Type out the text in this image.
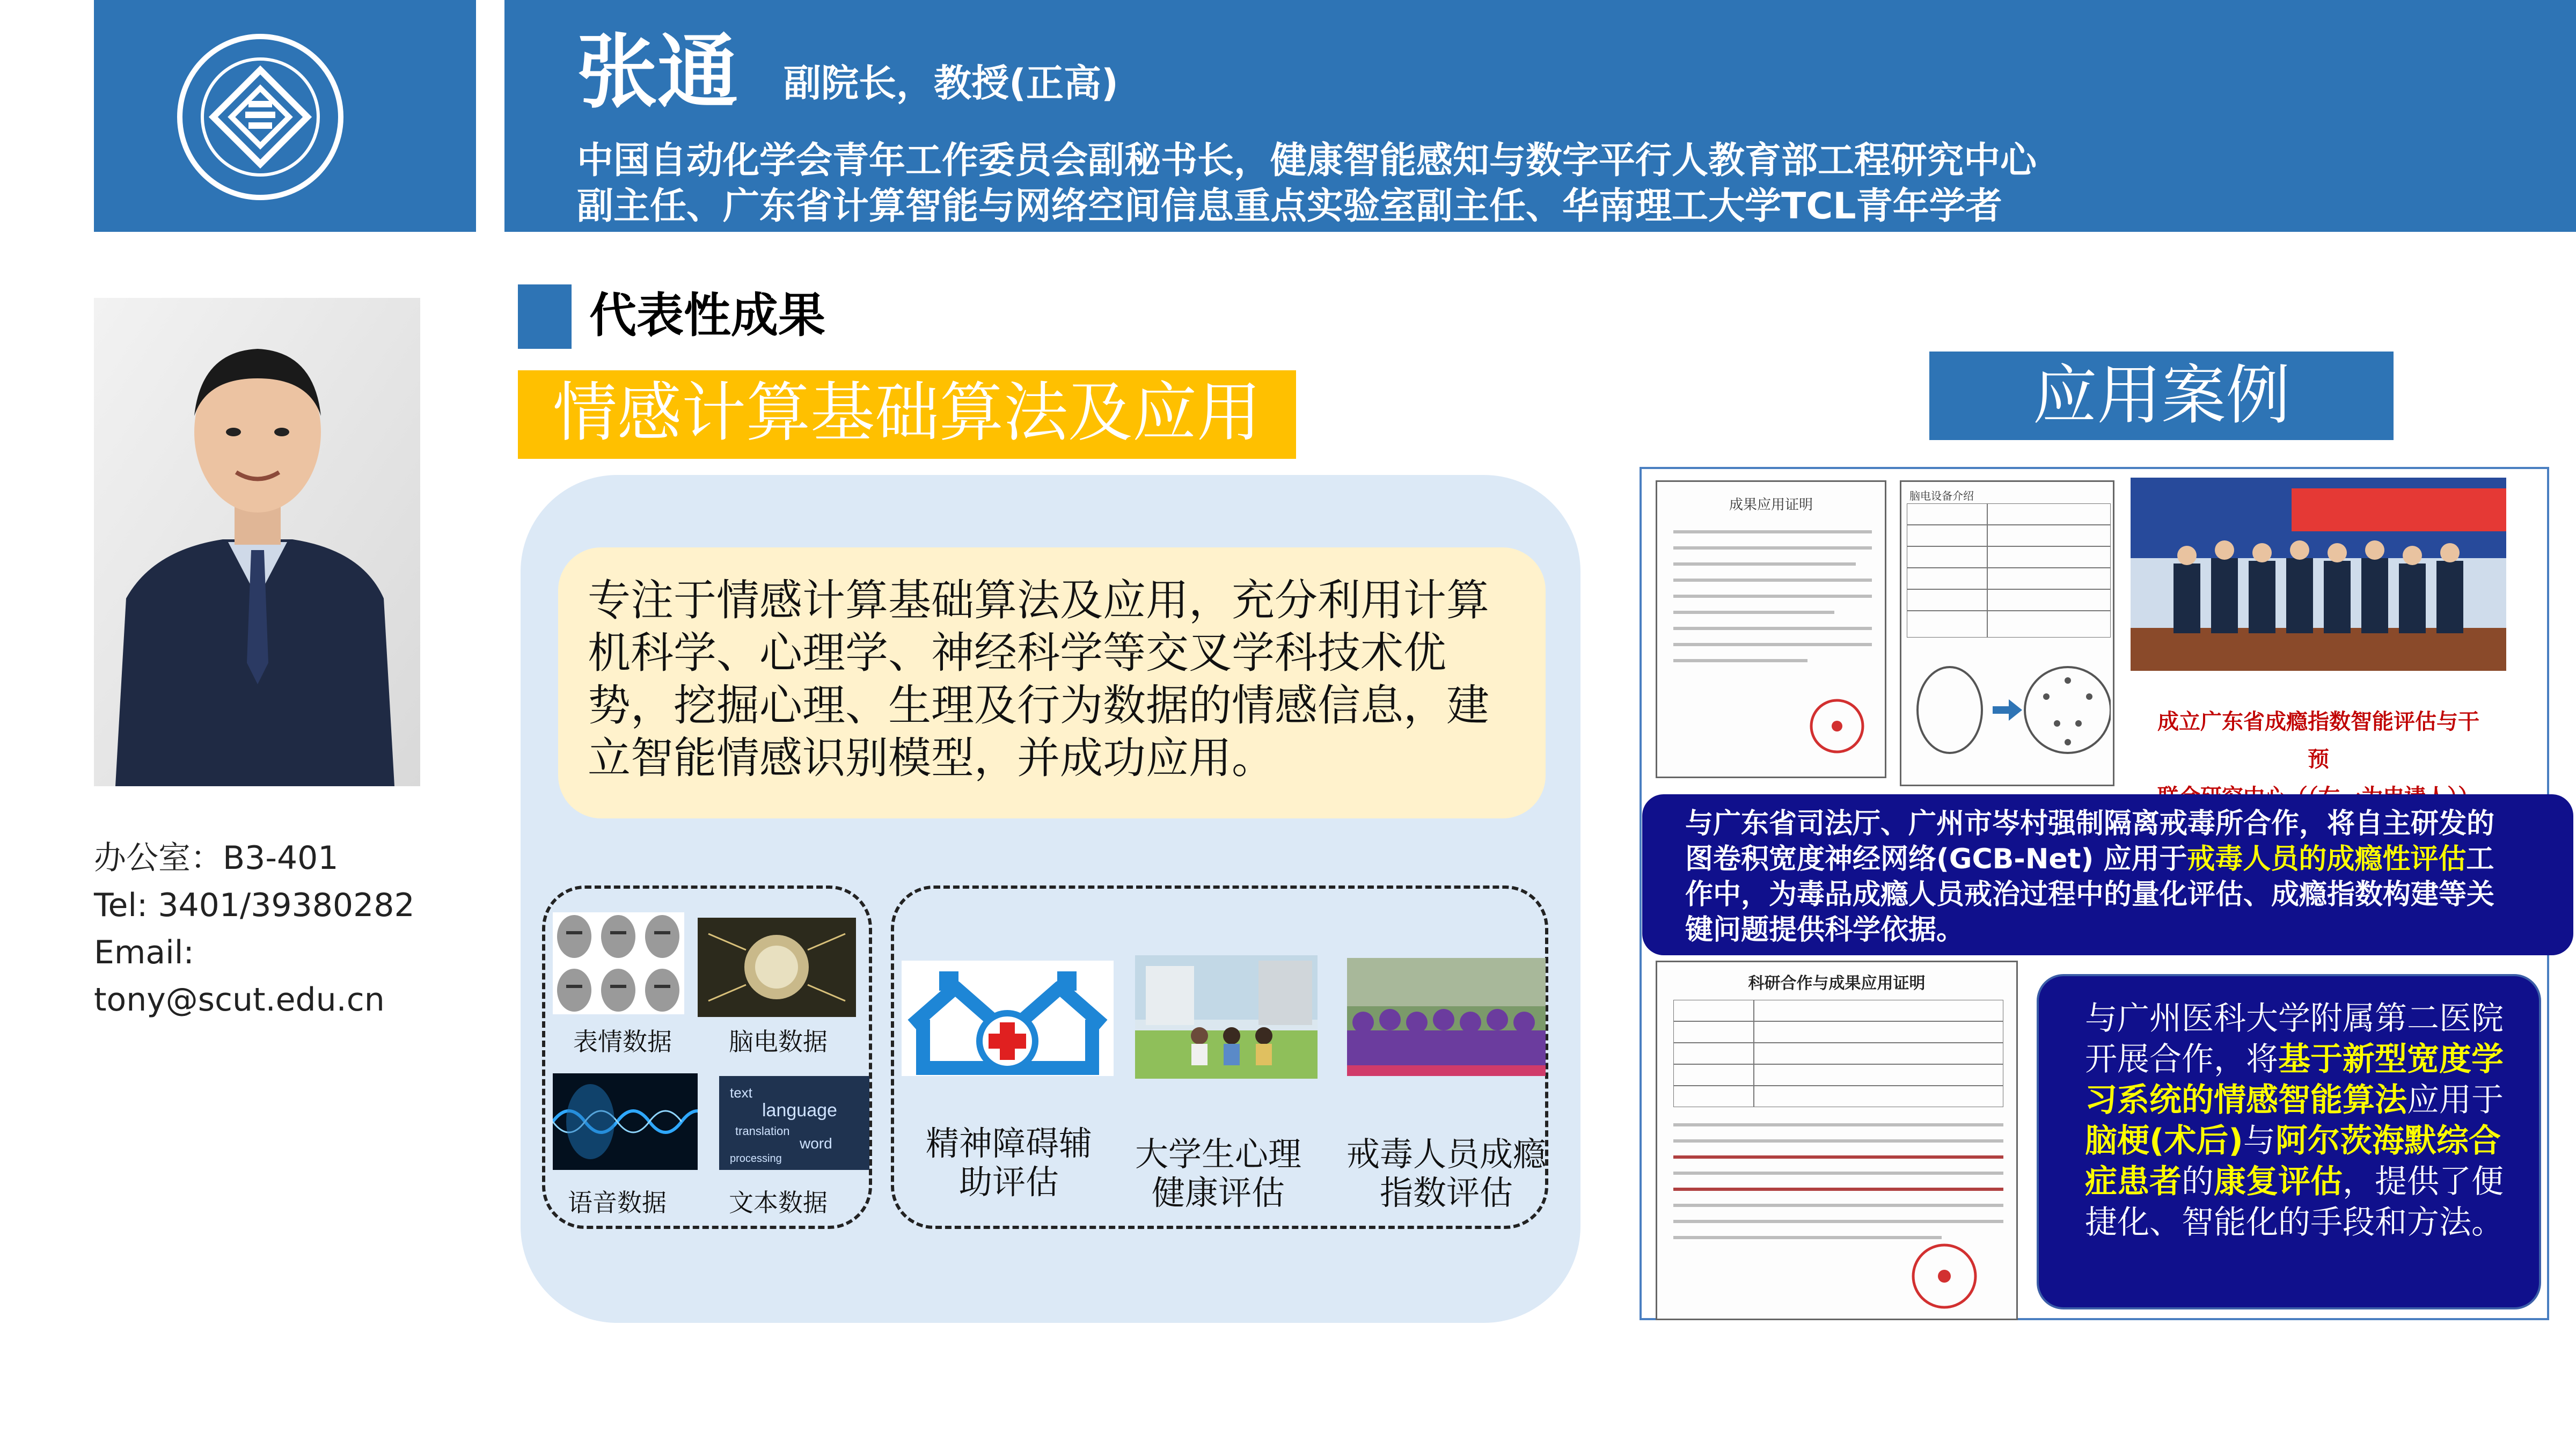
张通 副院长，教授(正高)
中国自动化学会青年工作委员会副秘书长，健康智能感知与数字平行人教育部工程研究中心
副主任、广东省计算智能与网络空间信息重点实验室副主任、华南理工大学TCL青年学者
办公室：B3-401
Tel: 3401/39380282
Email:
tony@scut.edu.cn
代表性成果
情感计算基础算法及应用
专注于情感计算基础算法及应用，充分利用计算机科学、心理学、神经科学等交叉学科技术优势，挖掘心理、生理及行为数据的情感信息，建立智能情感识别模型，并成功应用。
表情数据	脑电数据
text
language
translation
word
processing
语音数据	文本数据
精神障碍辅
助评估
大学生心理
健康评估
戒毒人员成瘾
指数评估
应用案例
成果应用证明
脑电设备介绍
成立广东省成瘾指数智能评估与干预
与广东省司法厅、广州市岑村强制隔离戒毒所合作，将自主研发的图卷积宽度神经网络(GCB-Net) 应用于戒毒人员的成瘾性评估工作中，为毒品成瘾人员戒治过程中的量化评估、成瘾指数构建等关键问题提供科学依据。
科研合作与成果应用证明
与广州医科大学附属第二医院开展合作，将基于新型宽度学习系统的情感智能算法应用于脑梗(术后)与阿尔茨海默综合症患者的康复评估，提供了便捷化、智能化的手段和方法。
